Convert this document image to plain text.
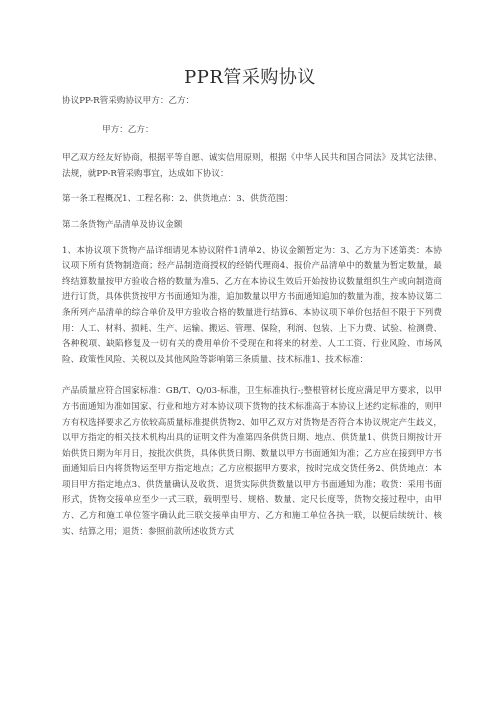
PPR管采购协议

协议PP-R管采购协议甲方：乙方：

甲方：乙方：

甲乙双方经友好协商，根据平等自愿、诚实信用原则，根据《中华人民共和国合同法》及其它法律、法规，就PP-R管采购事宜，达成如下协议：

第一条工程概况1、工程名称：2、供货地点：3、供货范围：

第二条货物产品清单及协议金额

1、本协议项下货物产品详细请见本协议附件1清单2、协议金额暂定为：3、乙方为下述第类：本协议项下所有货物制造商；经产品制造商授权的经销代理商4、报价产品清单中的数量为暂定数量，最终结算数量按甲方验收合格的数量为准5、乙方在本协议生效后开始按协议数量组织生产或向制造商进行订货，具体供货按甲方书面通知为准，追加数量以甲方书面通知追加的数量为准，按本协议第二条所列产品清单的综合单价及甲方验收合格的数量进行结算6、本协议项下单价包括但不限于下列费用：人工、材料、损耗、生产、运输、搬运、管理、保险，利润、包装、上下力费、试验、检测费、各种税项、缺陷修复及一切有关的费用单价不受现在和将来的材差、人工工资、行业风险、市场风险、政策性风险、关税以及其他风险等影响第三条质量、技术标准1、技术标准：

产品质量应符合国家标准：GB/T、Q/03-标准，卫生标准执行-;整根管材长度应满足甲方要求，以甲方书面通知为准如国家、行业和地方对本协议项下货物的技术标准高于本协议上述约定标准的，则甲方有权选择要求乙方依较高质量标准提供货物2、如甲乙双方对货物是否符合本协议规定产生歧义，以甲方指定的相关技术机构出具的证明文件为准第四条供货日期、地点、供货量1、供货日期按计开始供货日期为年月日，按批次供货，具体供货日期、数量以甲方书面通知为准；乙方应在接到甲方书面通知后日内将货物运至甲方指定地点；乙方应根据甲方要求，按时完成交货任务2、供货地点：本项目甲方指定地点3、供货量确认及收货、退货实际供货数量以甲方书面通知为准；收货：采用书面形式，货物交接单应至少一式三联，载明型号、规格、数量、定尺长度等，货物交接过程中，由甲方、乙方和施工单位签字确认此三联交接单由甲方、乙方和施工单位各执一联，以便后续统计、核实、结算之用；退货：参照前款所述收货方式
